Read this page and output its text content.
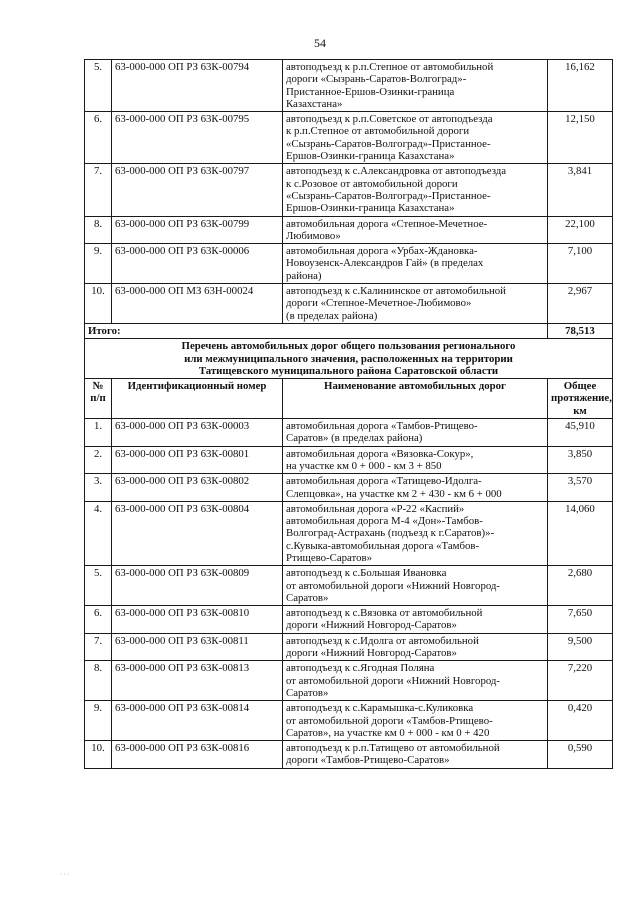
54
5.	63-000-000 ОП РЗ 63К-00794	автоподъезд к р.п.Степное от автомобильной
дороги «Сызрань-Саратов-Волгоград»-
Пристанное-Ершов-Озинки-граница
Казахстана»	16,162
6.	63-000-000 ОП РЗ 63К-00795	автоподъезд к р.п.Советское от автоподъезда
к р.п.Степное от автомобильной дороги
«Сызрань-Саратов-Волгоград»-Пристанное-
Ершов-Озинки-граница Казахстана»	12,150
7.	63-000-000 ОП РЗ 63К-00797	автоподъезд к с.Александровка от автоподъезда
к с.Розовое от автомобильной дороги
«Сызрань-Саратов-Волгоград»-Пристанное-
Ершов-Озинки-граница Казахстана»	3,841
8.	63-000-000 ОП РЗ 63К-00799	автомобильная дорога «Степное-Мечетное-
Любимово»	22,100
9.	63-000-000 ОП РЗ 63К-00006	автомобильная дорога «Урбах-Ждановка-
Новоузенск-Александров Гай» (в пределах
района)	7,100
10.	63-000-000 ОП МЗ 63Н-00024	автоподъезд к с.Калининское от автомобильной
дороги «Степное-Мечетное-Любимово»
(в пределах района)	2,967
Итого:			78,513

Перечень автомобильных дорог общего пользования регионального
или межмуниципального значения, расположенных на территории
Татищевского муниципального района Саратовской области			

№ п/п	Идентификационный номер	Наименование автомобильных дорог	Общее протяжение, км
1.	63-000-000 ОП РЗ 63К-00003	автомобильная дорога «Тамбов-Ртищево-
Саратов» (в пределах района)	45,910
2.	63-000-000 ОП РЗ 63К-00801	автомобильная дорога «Вязовка-Сокур»,
на участке км 0 + 000 - км 3 + 850	3,850
3.	63-000-000 ОП РЗ 63К-00802	автомобильная дорога «Татищево-Идолга-
Слепцовка», на участке км 2 + 430 - км 6 + 000	3,570
4.	63-000-000 ОП РЗ 63К-00804	автомобильная дорога «Р-22 «Каспий»
автомобильная дорога М-4 «Дон»-Тамбов-
Волгоград-Астрахань (подъезд к г.Саратов)»-
с.Кувыка-автомобильная дорога «Тамбов-
Ртищево-Саратов»	14,060
5.	63-000-000 ОП РЗ 63К-00809	автоподъезд к с.Большая Ивановка
от автомобильной дороги «Нижний Новгород-
Саратов»	2,680
6.	63-000-000 ОП РЗ 63К-00810	автоподъезд к с.Вязовка от автомобильной
дороги «Нижний Новгород-Саратов»	7,650
7.	63-000-000 ОП РЗ 63К-00811	автоподъезд к с.Идолга от автомобильной
дороги «Нижний Новгород-Саратов»	9,500
8.	63-000-000 ОП РЗ 63К-00813	автоподъезд к с.Ягодная Поляна
от автомобильной дороги «Нижний Новгород-
Саратов»	7,220
9.	63-000-000 ОП РЗ 63К-00814	автоподъезд к с.Карамышка-с.Куликовка
от автомобильной дороги «Тамбов-Ртищево-
Саратов», на участке км 0 + 000 - км 0 + 420	0,420
10.	63-000-000 ОП РЗ 63К-00816	автоподъезд к р.п.Татищево от автомобильной
дороги «Тамбов-Ртищево-Саратов»	0,590
· · ·
